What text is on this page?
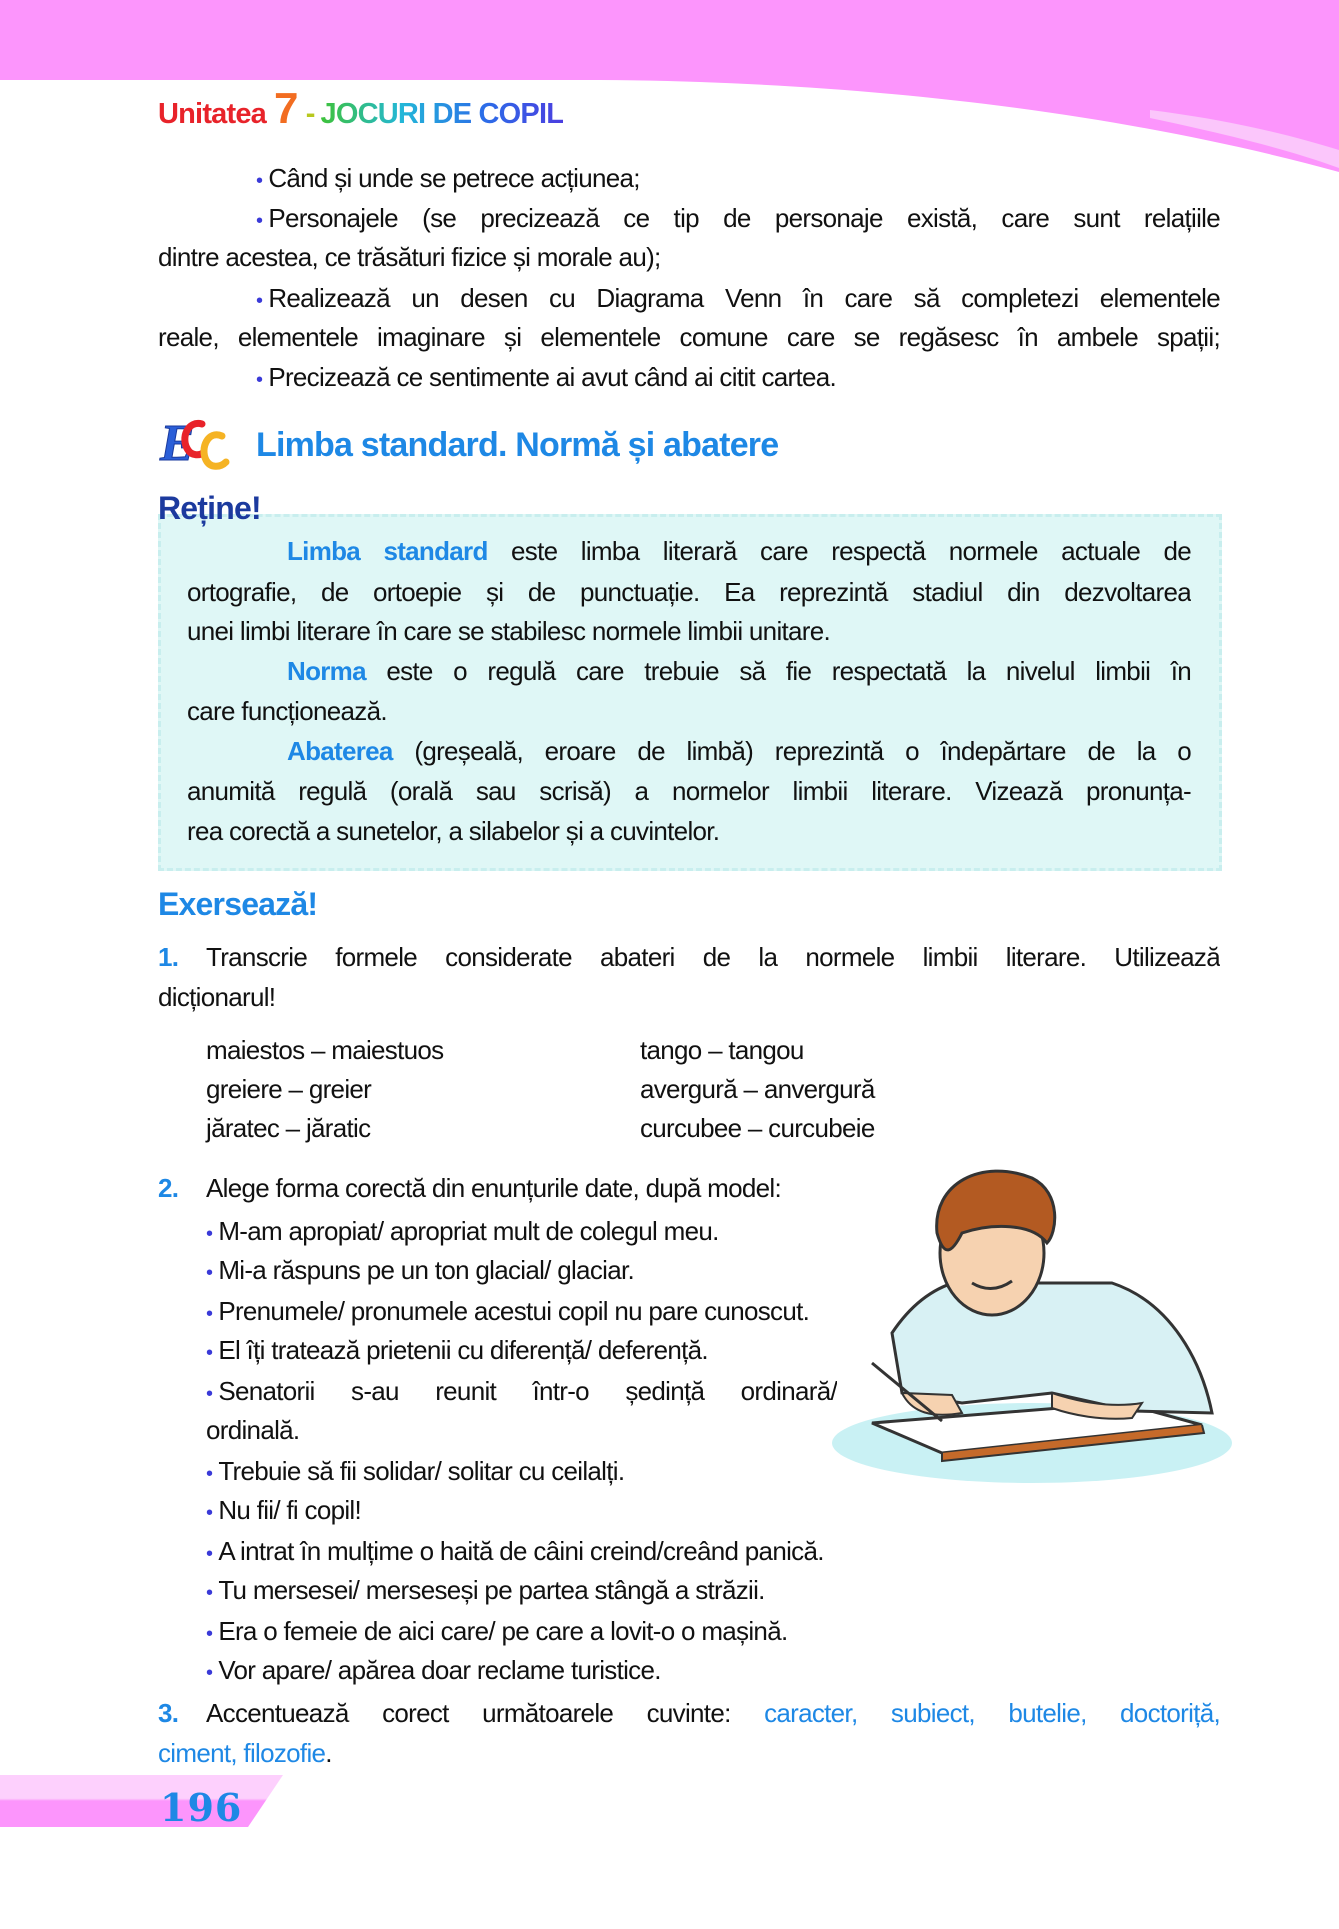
Unitatea 7 - JOCURI DE COPIL
• Când și unde se petrece acțiunea;
• Personajele (se precizează ce tip de personaje există, care sunt relațiile
dintre acestea, ce trăsături fizice și morale au);
• Realizează un desen cu Diagrama Venn în care să completezi elementele
reale, elementele imaginare și elementele comune care se regăsesc în ambele spații;
• Precizează ce sentimente ai avut când ai citit cartea.
E Limba standard. Normă și abatere
Reține!
Limba standard este limba literară care respectă normele actuale de
ortografie, de ortoepie și de punctuație. Ea reprezintă stadiul din dezvoltarea
unei limbi literare în care se stabilesc normele limbii unitare.
Norma este o regulă care trebuie să fie respectată la nivelul limbii în
care funcționează.
Abaterea (greșeală, eroare de limbă) reprezintă o îndepărtare de la o
anumită regulă (orală sau scrisă) a normelor limbii literare. Vizează pronunța-
rea corectă a sunetelor, a silabelor și a cuvintelor.
Exersează!
1. Transcrie formele considerate abateri de la normele limbii literare. Utilizează
dicționarul!
maiestos – maiestuos
greiere – greier
jăratec – jăratic
tango – tangou
avergură – anvergură
curcubee – curcubeie
2. Alege forma corectă din enunțurile date, după model:
• M-am apropiat/ apropriat mult de colegul meu.
• Mi-a răspuns pe un ton glacial/ glaciar.
• Prenumele/ pronumele acestui copil nu pare cunoscut.
• El îți tratează prietenii cu diferență/ deferență.
• Senatorii s-au reunit într-o ședință ordinară/
ordinală.
• Trebuie să fii solidar/ solitar cu ceilalți.
• Nu fii/ fi copil!
• A intrat în mulțime o haită de câini creind/creând panică.
• Tu mersesei/ merseseși pe partea stângă a străzii.
• Era o femeie de aici care/ pe care a lovit-o o mașină.
• Vor apare/ apărea doar reclame turistice.
3. Accentuează corect următoarele cuvinte: caracter, subiect, butelie, doctoriță,
ciment, filozofie.
196
